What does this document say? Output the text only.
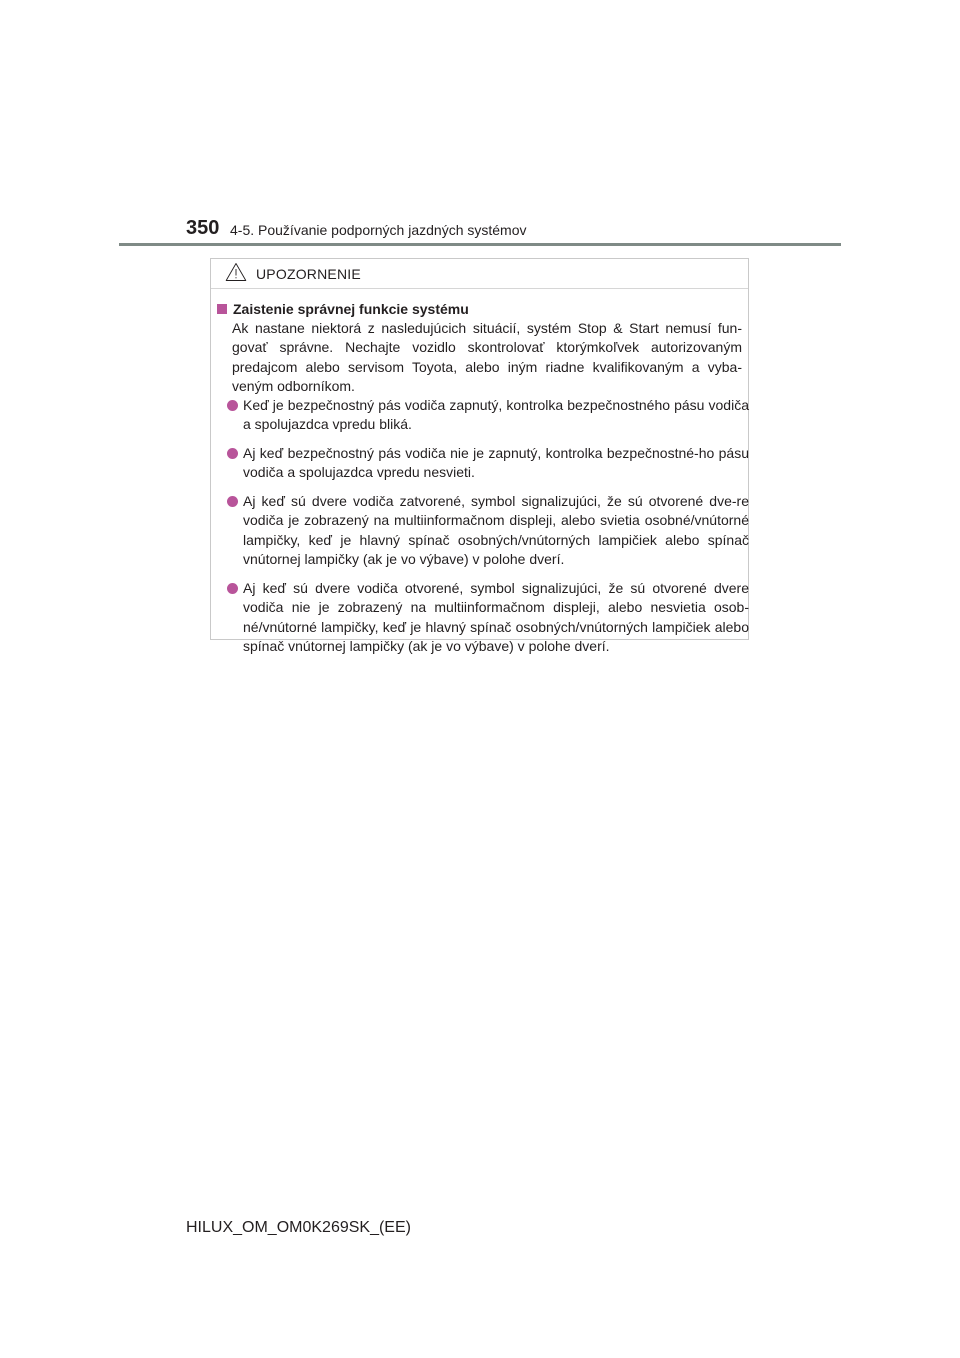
350 4-5. Používanie podporných jazdných systémov
UPOZORNENIE
Zaistenie správnej funkcie systému
Ak nastane niektorá z nasledujúcich situácií, systém Stop & Start nemusí fun-govať správne. Nechajte vozidlo skontrolovať ktorýmkoľvek autorizovaným predajcom alebo servisom Toyota, alebo iným riadne kvalifikovaným a vyba-veným odborníkom.
Keď je bezpečnostný pás vodiča zapnutý, kontrolka bezpečnostného pásu vodiča a spolujazdca vpredu bliká.
Aj keď bezpečnostný pás vodiča nie je zapnutý, kontrolka bezpečnostné-ho pásu vodiča a spolujazdca vpredu nesvieti.
Aj keď sú dvere vodiča zatvorené, symbol signalizujúci, že sú otvorené dve-re vodiča je zobrazený na multiinformačnom displeji, alebo svietia osobné/vnútorné lampičky, keď je hlavný spínač osobných/vnútorných lampičiek alebo spínač vnútornej lampičky (ak je vo výbave) v polohe dverí.
Aj keď sú dvere vodiča otvorené, symbol signalizujúci, že sú otvorené dvere vodiča nie je zobrazený na multiinformačnom displeji, alebo nesvietia osob-né/vnútorné lampičky, keď je hlavný spínač osobných/vnútorných lampičiek alebo spínač vnútornej lampičky (ak je vo výbave) v polohe dverí.
HILUX_OM_OM0K269SK_(EE)
